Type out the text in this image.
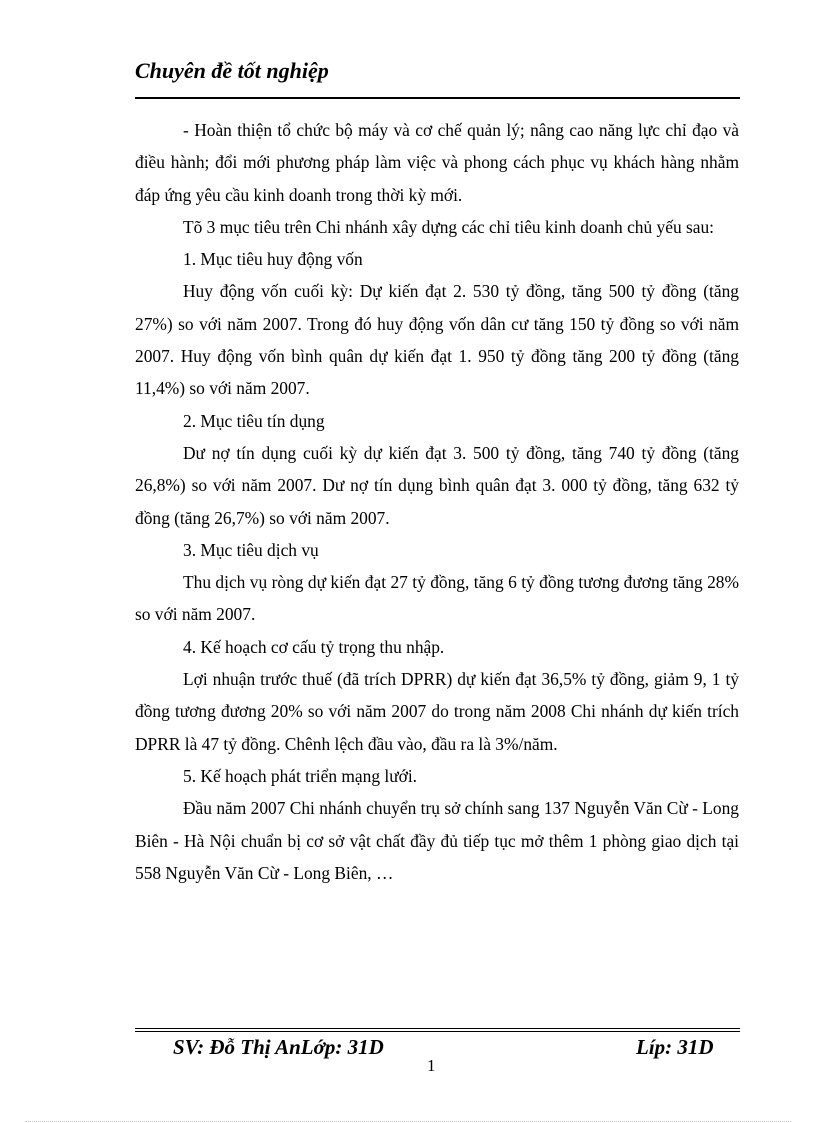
Chuyên đề tốt nghiệp

- Hoàn thiện tổ chức bộ máy và cơ chế quản lý; nâng cao năng lực chỉ đạo và điều hành; đổi mới phương pháp làm việc và phong cách phục vụ khách hàng nhằm đáp ứng yêu cầu kinh doanh trong thời kỳ mới.

Tõ 3 mục tiêu trên Chi nhánh xây dựng các chỉ tiêu kinh doanh chủ yếu sau:

1. Mục tiêu huy động vốn

Huy động vốn cuối kỳ: Dự kiến đạt 2. 530 tỷ đồng, tăng 500 tỷ đồng (tăng 27%) so với năm 2007. Trong đó huy động vốn dân cư tăng 150 tỷ đồng so với năm 2007. Huy động vốn bình quân dự kiến đạt 1. 950 tỷ đồng tăng 200 tỷ đồng (tăng 11,4%) so với năm 2007.

2. Mục tiêu tín dụng

Dư nợ tín dụng cuối kỳ dự kiến đạt 3. 500 tỷ đồng, tăng 740 tỷ đồng (tăng 26,8%) so với năm 2007. Dư nợ tín dụng bình quân đạt 3. 000 tỷ đồng, tăng 632 tỷ đồng (tăng 26,7%) so với năm 2007.

3. Mục tiêu dịch vụ

Thu dịch vụ ròng dự kiến đạt 27 tỷ đồng, tăng 6 tỷ đồng tương đương tăng 28% so với năm 2007.

4. Kế hoạch cơ cấu tỷ trọng thu nhập.

Lợi nhuận trước thuế (đã trích DPRR) dự kiến đạt 36,5% tỷ đồng, giảm 9, 1 tỷ đồng tương đương 20% so với năm 2007 do trong năm 2008 Chi nhánh dự kiến trích DPRR là 47 tỷ đồng. Chênh lệch đầu vào, đầu ra là 3%/năm.

5. Kế hoạch phát triển mạng lưới.

Đầu năm 2007 Chi nhánh chuyển trụ sở chính sang 137 Nguyễn Văn Cừ - Long Biên - Hà Nội chuẩn bị cơ sở vật chất đầy đủ tiếp tục mở thêm 1 phòng giao dịch tại 558 Nguyễn Văn Cừ - Long Biên, …

SV: Đỗ Thị AnLớp: 31D	Líp: 31D
1
